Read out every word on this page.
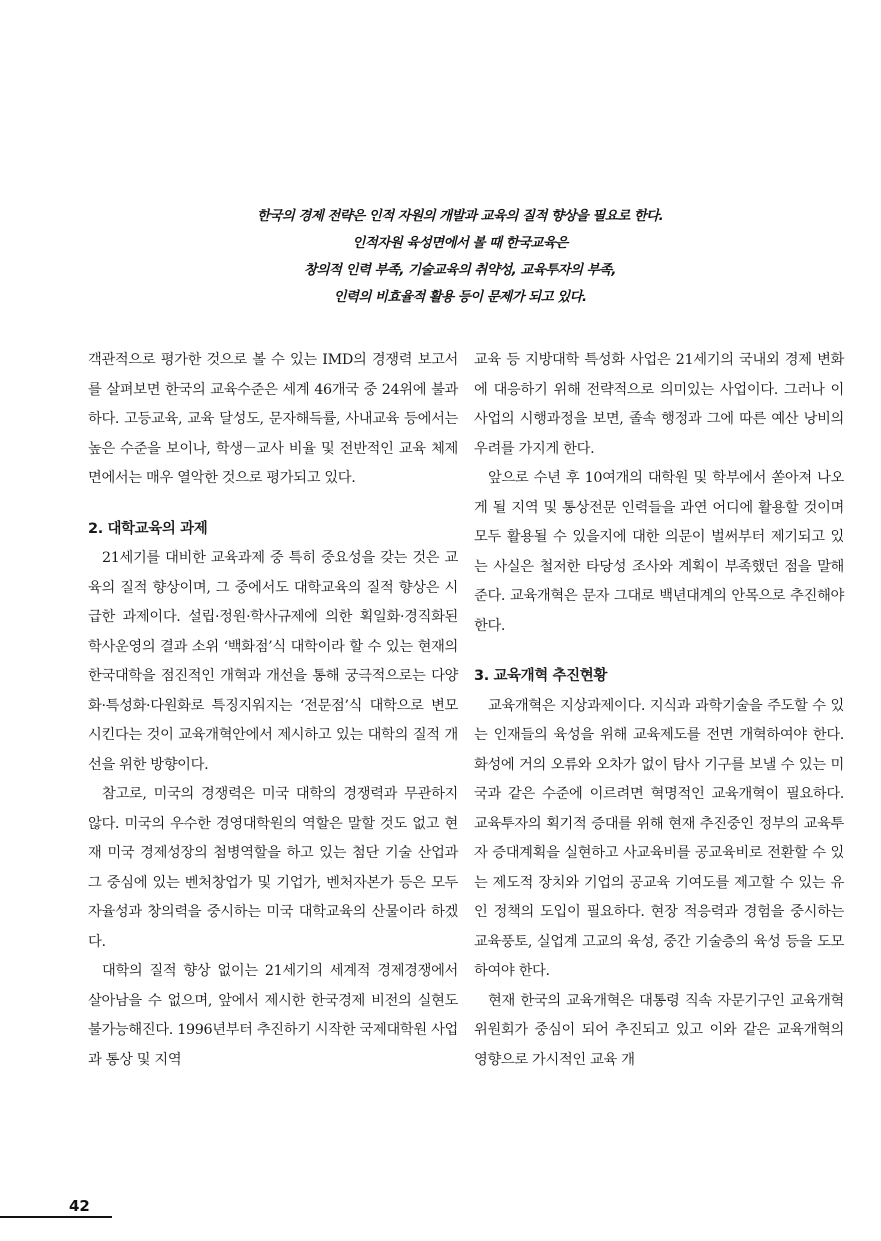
한국의 경제 전략은 인적 자원의 개발과 교육의 질적 향상을 필요로 한다.
인적자원 육성면에서 볼 때 한국교육은
창의적 인력 부족, 기술교육의 취약성, 교육투자의 부족,
인력의 비효율적 활용 등이 문제가 되고 있다.

객관적으로 평가한 것으로 볼 수 있는 IMD의 경쟁력 보고서를 살펴보면 한국의 교육수준은 세계 46개국 중 24위에 불과하다. 고등교육, 교육 달성도, 문자해득률, 사내교육 등에서는 높은 수준을 보이나, 학생－교사 비율 및 전반적인 교육 체제면에서는 매우 열악한 것으로 평가되고 있다.

2. 대학교육의 과제

21세기를 대비한 교육과제 중 특히 중요성을 갖는 것은 교육의 질적 향상이며, 그 중에서도 대학교육의 질적 향상은 시급한 과제이다. 설립·정원·학사규제에 의한 획일화·경직화된 학사운영의 결과 소위 ‘백화점’식 대학이라 할 수 있는 현재의 한국대학을 점진적인 개혁과 개선을 통해 궁극적으로는 다양화·특성화·다원화로 특징지워지는 ‘전문점’식 대학으로 변모시킨다는 것이 교육개혁안에서 제시하고 있는 대학의 질적 개선을 위한 방향이다.

참고로, 미국의 경쟁력은 미국 대학의 경쟁력과 무관하지 않다. 미국의 우수한 경영대학원의 역할은 말할 것도 없고 현재 미국 경제성장의 첨병역할을 하고 있는 첨단 기술 산업과 그 중심에 있는 벤처창업가 및 기업가, 벤처자본가 등은 모두 자율성과 창의력을 중시하는 미국 대학교육의 산물이라 하겠다.

대학의 질적 향상 없이는 21세기의 세계적 경제경쟁에서 살아남을 수 없으며, 앞에서 제시한 한국경제 비전의 실현도 불가능해진다. 1996년부터 추진하기 시작한 국제대학원 사업과 통상 및 지역

교육 등 지방대학 특성화 사업은 21세기의 국내외 경제 변화에 대응하기 위해 전략적으로 의미있는 사업이다. 그러나 이 사업의 시행과정을 보면, 졸속 행정과 그에 따른 예산 낭비의 우려를 가지게 한다.

앞으로 수년 후 10여개의 대학원 및 학부에서 쏟아져 나오게 될 지역 및 통상전문 인력들을 과연 어디에 활용할 것이며 모두 활용될 수 있을지에 대한 의문이 벌써부터 제기되고 있는 사실은 철저한 타당성 조사와 계획이 부족했던 점을 말해준다. 교육개혁은 문자 그대로 백년대계의 안목으로 추진해야 한다.

3. 교육개혁 추진현황

교육개혁은 지상과제이다. 지식과 과학기술을 주도할 수 있는 인재들의 육성을 위해 교육제도를 전면 개혁하여야 한다. 화성에 거의 오류와 오차가 없이 탐사 기구를 보낼 수 있는 미국과 같은 수준에 이르려면 혁명적인 교육개혁이 필요하다. 교육투자의 획기적 증대를 위해 현재 추진중인 정부의 교육투자 증대계획을 실현하고 사교육비를 공교육비로 전환할 수 있는 제도적 장치와 기업의 공교육 기여도를 제고할 수 있는 유인 정책의 도입이 필요하다. 현장 적응력과 경험을 중시하는 교육풍토, 실업계 고교의 육성, 중간 기술층의 육성 등을 도모하여야 한다.

현재 한국의 교육개혁은 대통령 직속 자문기구인 교육개혁위원회가 중심이 되어 추진되고 있고 이와 같은 교육개혁의 영향으로 가시적인 교육 개

42
